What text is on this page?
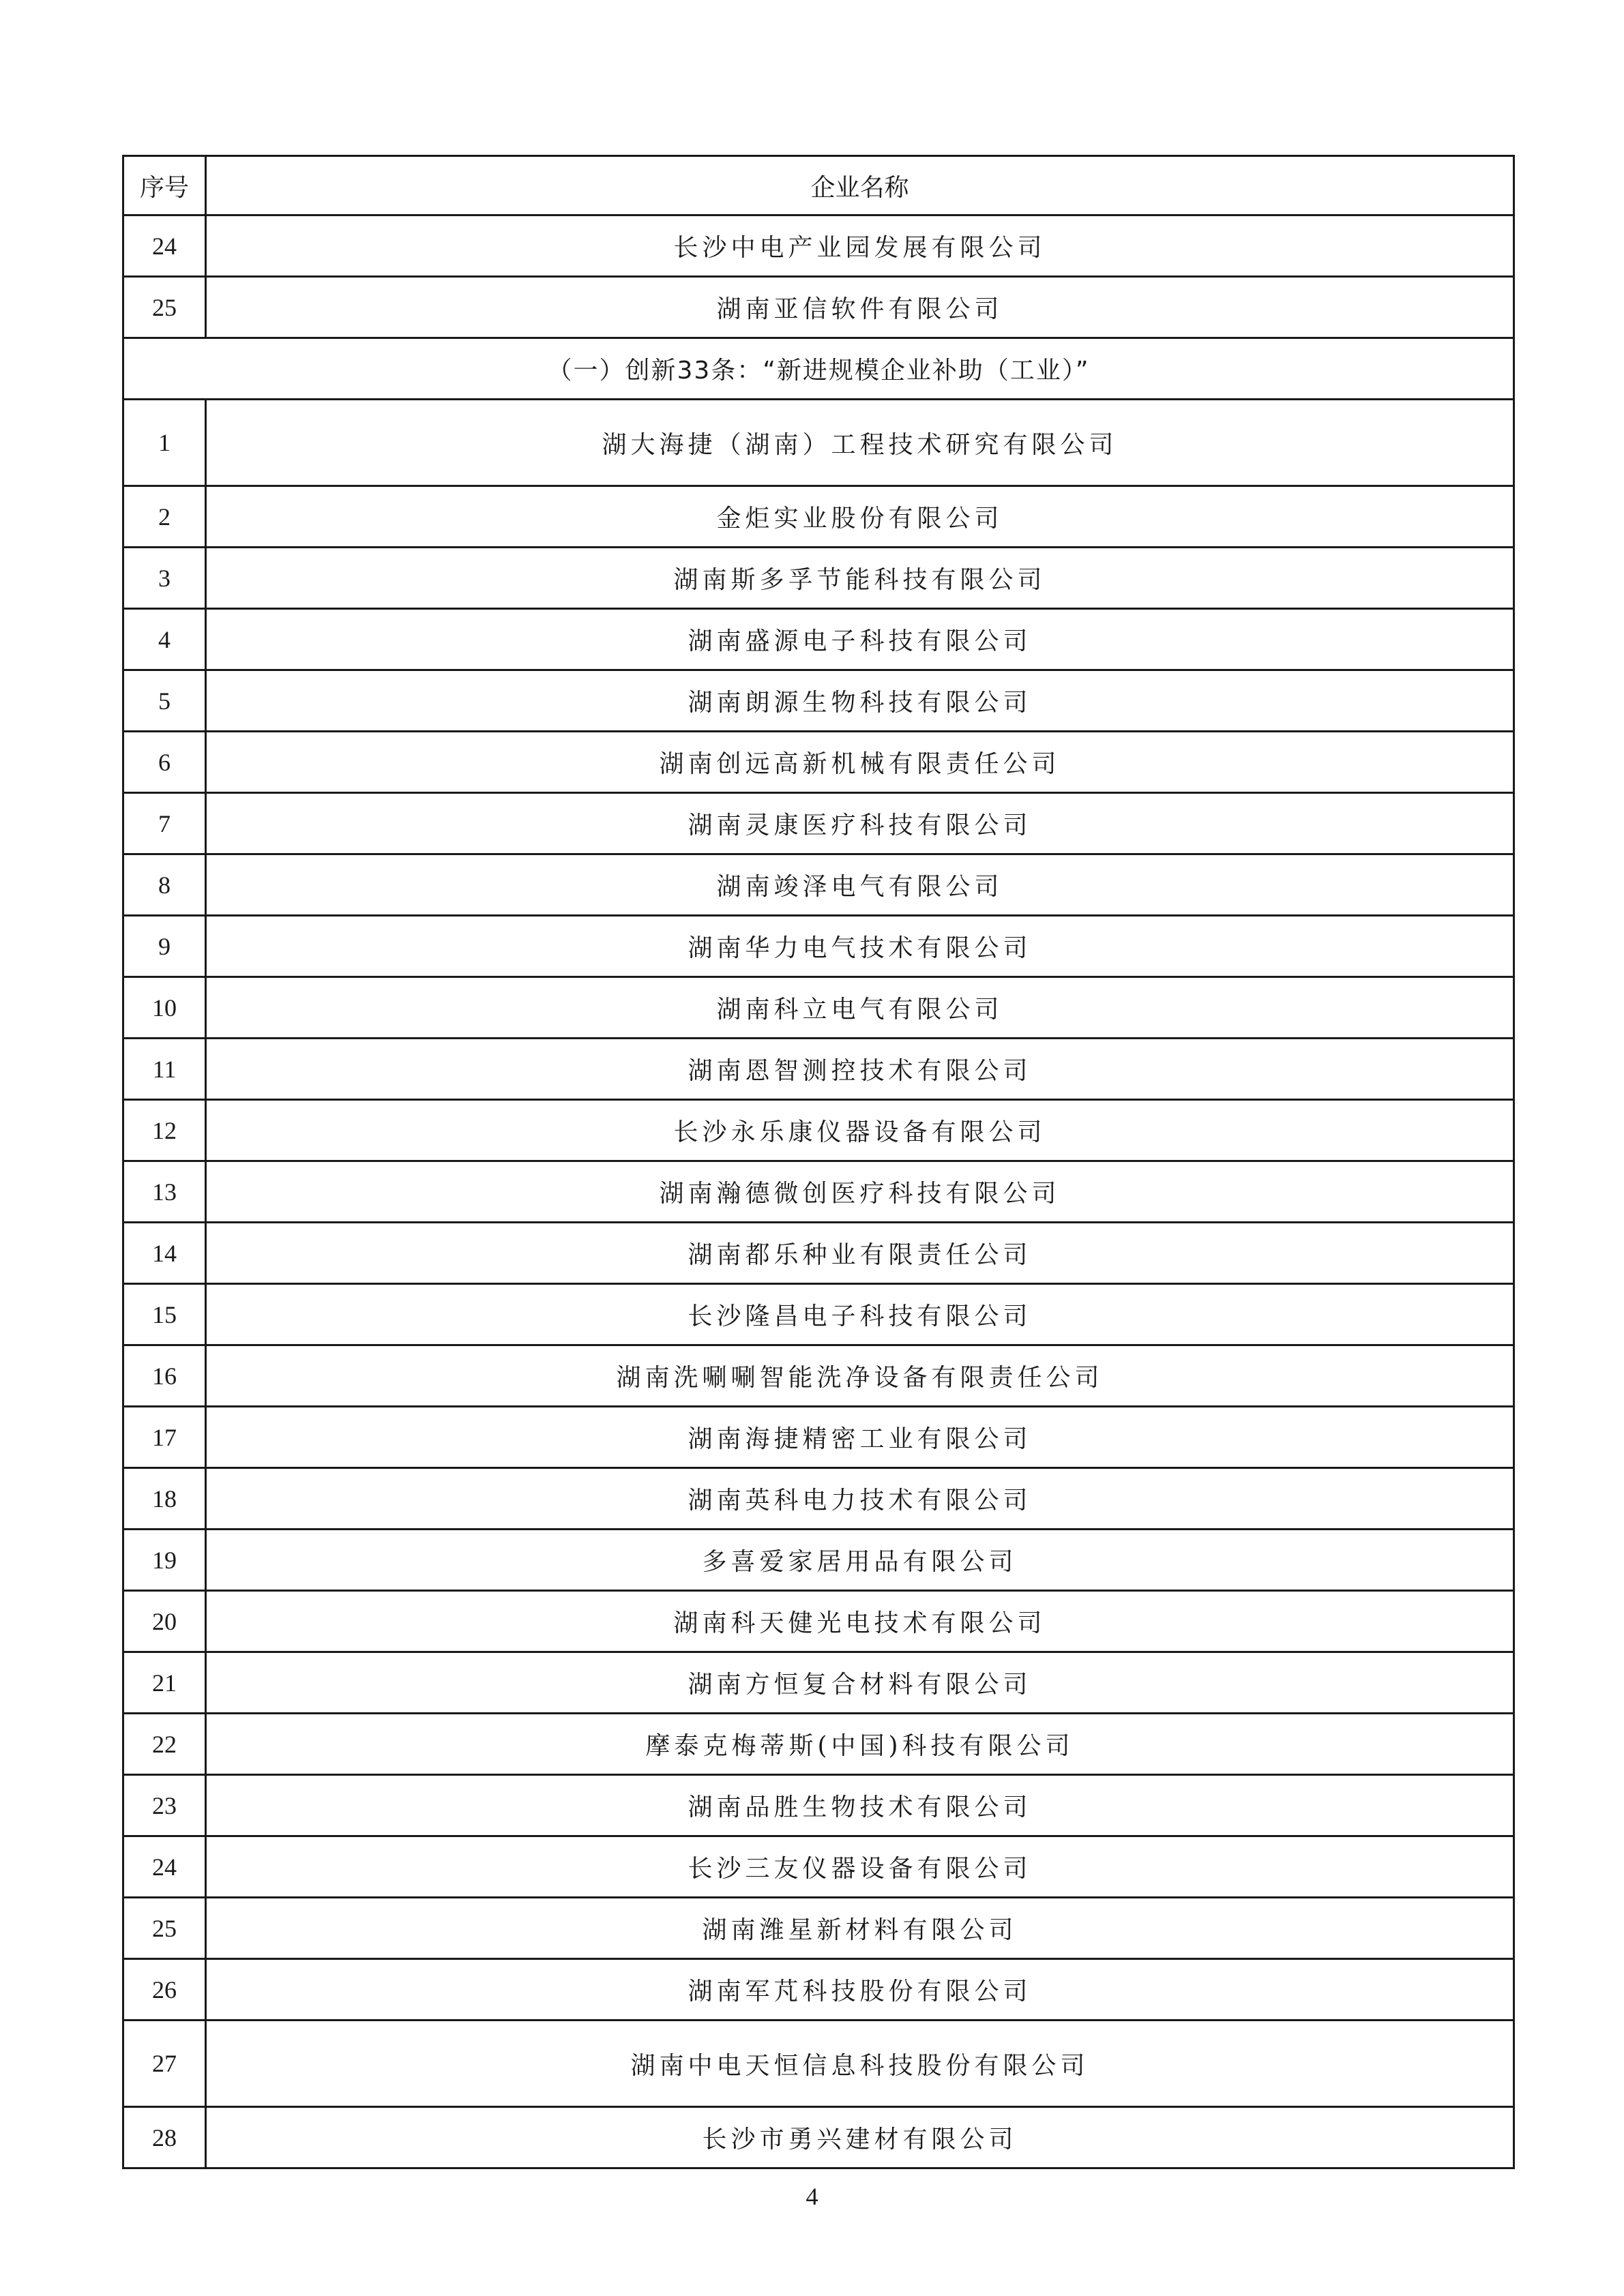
序号	企业名称
24	长沙中电产业园发展有限公司
25	湖南亚信软件有限公司
（一）创新33条：“新进规模企业补助（工业）”	
1	湖大海捷（湖南）工程技术研究有限公司
2	金炬实业股份有限公司
3	湖南斯多孚节能科技有限公司
4	湖南盛源电子科技有限公司
5	湖南朗源生物科技有限公司
6	湖南创远高新机械有限责任公司
7	湖南灵康医疗科技有限公司
8	湖南竣泽电气有限公司
9	湖南华力电气技术有限公司
10	湖南科立电气有限公司
11	湖南恩智测控技术有限公司
12	长沙永乐康仪器设备有限公司
13	湖南瀚德微创医疗科技有限公司
14	湖南都乐种业有限责任公司
15	长沙隆昌电子科技有限公司
16	湖南洗唰唰智能洗净设备有限责任公司
17	湖南海捷精密工业有限公司
18	湖南英科电力技术有限公司
19	多喜爱家居用品有限公司
20	湖南科天健光电技术有限公司
21	湖南方恒复合材料有限公司
22	摩泰克梅蒂斯(中国)科技有限公司
23	湖南品胜生物技术有限公司
24	长沙三友仪器设备有限公司
25	湖南潍星新材料有限公司
26	湖南军芃科技股份有限公司
27	湖南中电天恒信息科技股份有限公司
28	长沙市勇兴建材有限公司
4
